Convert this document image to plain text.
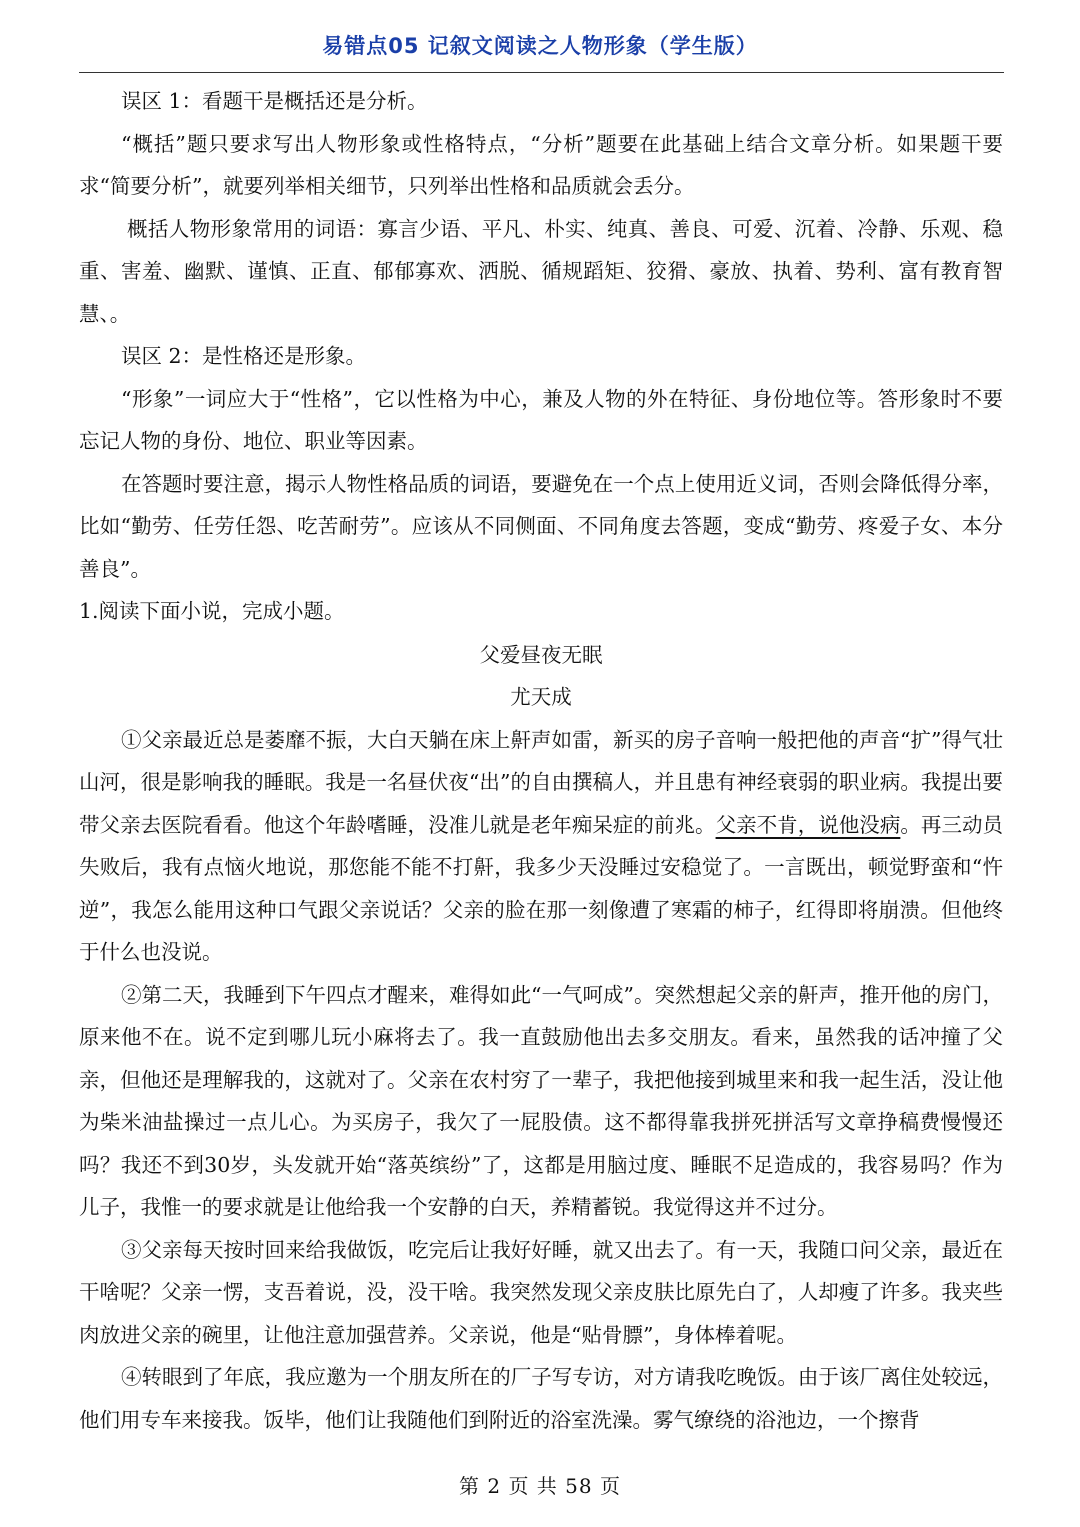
易错点05 记叙文阅读之人物形象（学生版）

误区 1：看题干是概括还是分析。

“概括”题只要求写出人物形象或性格特点，“分析”题要在此基础上结合文章分析。如果题干要求“简要分析”，就要列举相关细节，只列举出性格和品质就会丢分。

概括人物形象常用的词语：寡言少语、平凡、朴实、纯真、善良、可爱、沉着、冷静、乐观、稳重、害羞、幽默、谨慎、正直、郁郁寡欢、洒脱、循规蹈矩、狡猾、豪放、执着、势利、富有教育智慧、。

误区 2：是性格还是形象。

“形象”一词应大于“性格”，它以性格为中心，兼及人物的外在特征、身份地位等。答形象时不要忘记人物的身份、地位、职业等因素。

在答题时要注意，揭示人物性格品质的词语，要避免在一个点上使用近义词，否则会降低得分率，比如“勤劳、任劳任怨、吃苦耐劳”。应该从不同侧面、不同角度去答题，变成“勤劳、疼爱子女、本分善良”。

1.阅读下面小说，完成小题。

父爱昼夜无眠

尤天成

①父亲最近总是萎靡不振，大白天躺在床上鼾声如雷，新买的房子音响一般把他的声音“扩”得气壮山河，很是影响我的睡眠。我是一名昼伏夜“出”的自由撰稿人，并且患有神经衰弱的职业病。我提出要带父亲去医院看看。他这个年龄嗜睡，没准儿就是老年痴呆症的前兆。父亲不肯，说他没病。再三动员失败后，我有点恼火地说，那您能不能不打鼾，我多少天没睡过安稳觉了。一言既出，顿觉野蛮和“忤逆”，我怎么能用这种口气跟父亲说话？父亲的脸在那一刻像遭了寒霜的柿子，红得即将崩溃。但他终于什么也没说。

②第二天，我睡到下午四点才醒来，难得如此“一气呵成”。突然想起父亲的鼾声，推开他的房门，原来他不在。说不定到哪儿玩小麻将去了。我一直鼓励他出去多交朋友。看来，虽然我的话冲撞了父亲，但他还是理解我的，这就对了。父亲在农村穷了一辈子，我把他接到城里来和我一起生活，没让他为柴米油盐操过一点儿心。为买房子，我欠了一屁股债。这不都得靠我拼死拼活写文章挣稿费慢慢还吗？我还不到30岁，头发就开始“落英缤纷”了，这都是用脑过度、睡眠不足造成的，我容易吗？作为儿子，我惟一的要求就是让他给我一个安静的白天，养精蓄锐。我觉得这并不过分。

③父亲每天按时回来给我做饭，吃完后让我好好睡，就又出去了。有一天，我随口问父亲，最近在干啥呢？父亲一愣，支吾着说，没，没干啥。我突然发现父亲皮肤比原先白了，人却瘦了许多。我夹些肉放进父亲的碗里，让他注意加强营养。父亲说，他是“贴骨膘”，身体棒着呢。

④转眼到了年底，我应邀为一个朋友所在的厂子写专访，对方请我吃晚饭。由于该厂离住处较远，他们用专车来接我。饭毕，他们让我随他们到附近的浴室洗澡。雾气缭绕的浴池边，一个擦背

第 2 页 共 58 页
